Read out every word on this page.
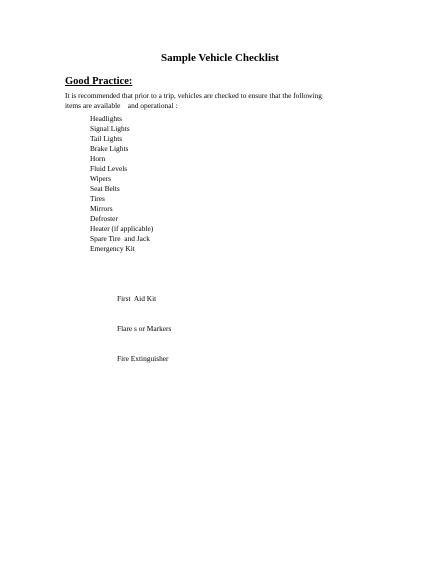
Sample Vehicle Checklist
Good Practice:
It is recommended that prior to a trip, vehicles are checked to ensure that the following
items are available    and operational :
Headlights
Signal Lights
Tail Lights
Brake Lights
Horn
Fluid Levels
Wipers
Seat Belts
Tires
Mirrors
Defroster
Heater (if applicable)
Spare Tire  and Jack
Emergency Kit

First  Aid Kit

Flare s or Markers

Fire Extinguisher
